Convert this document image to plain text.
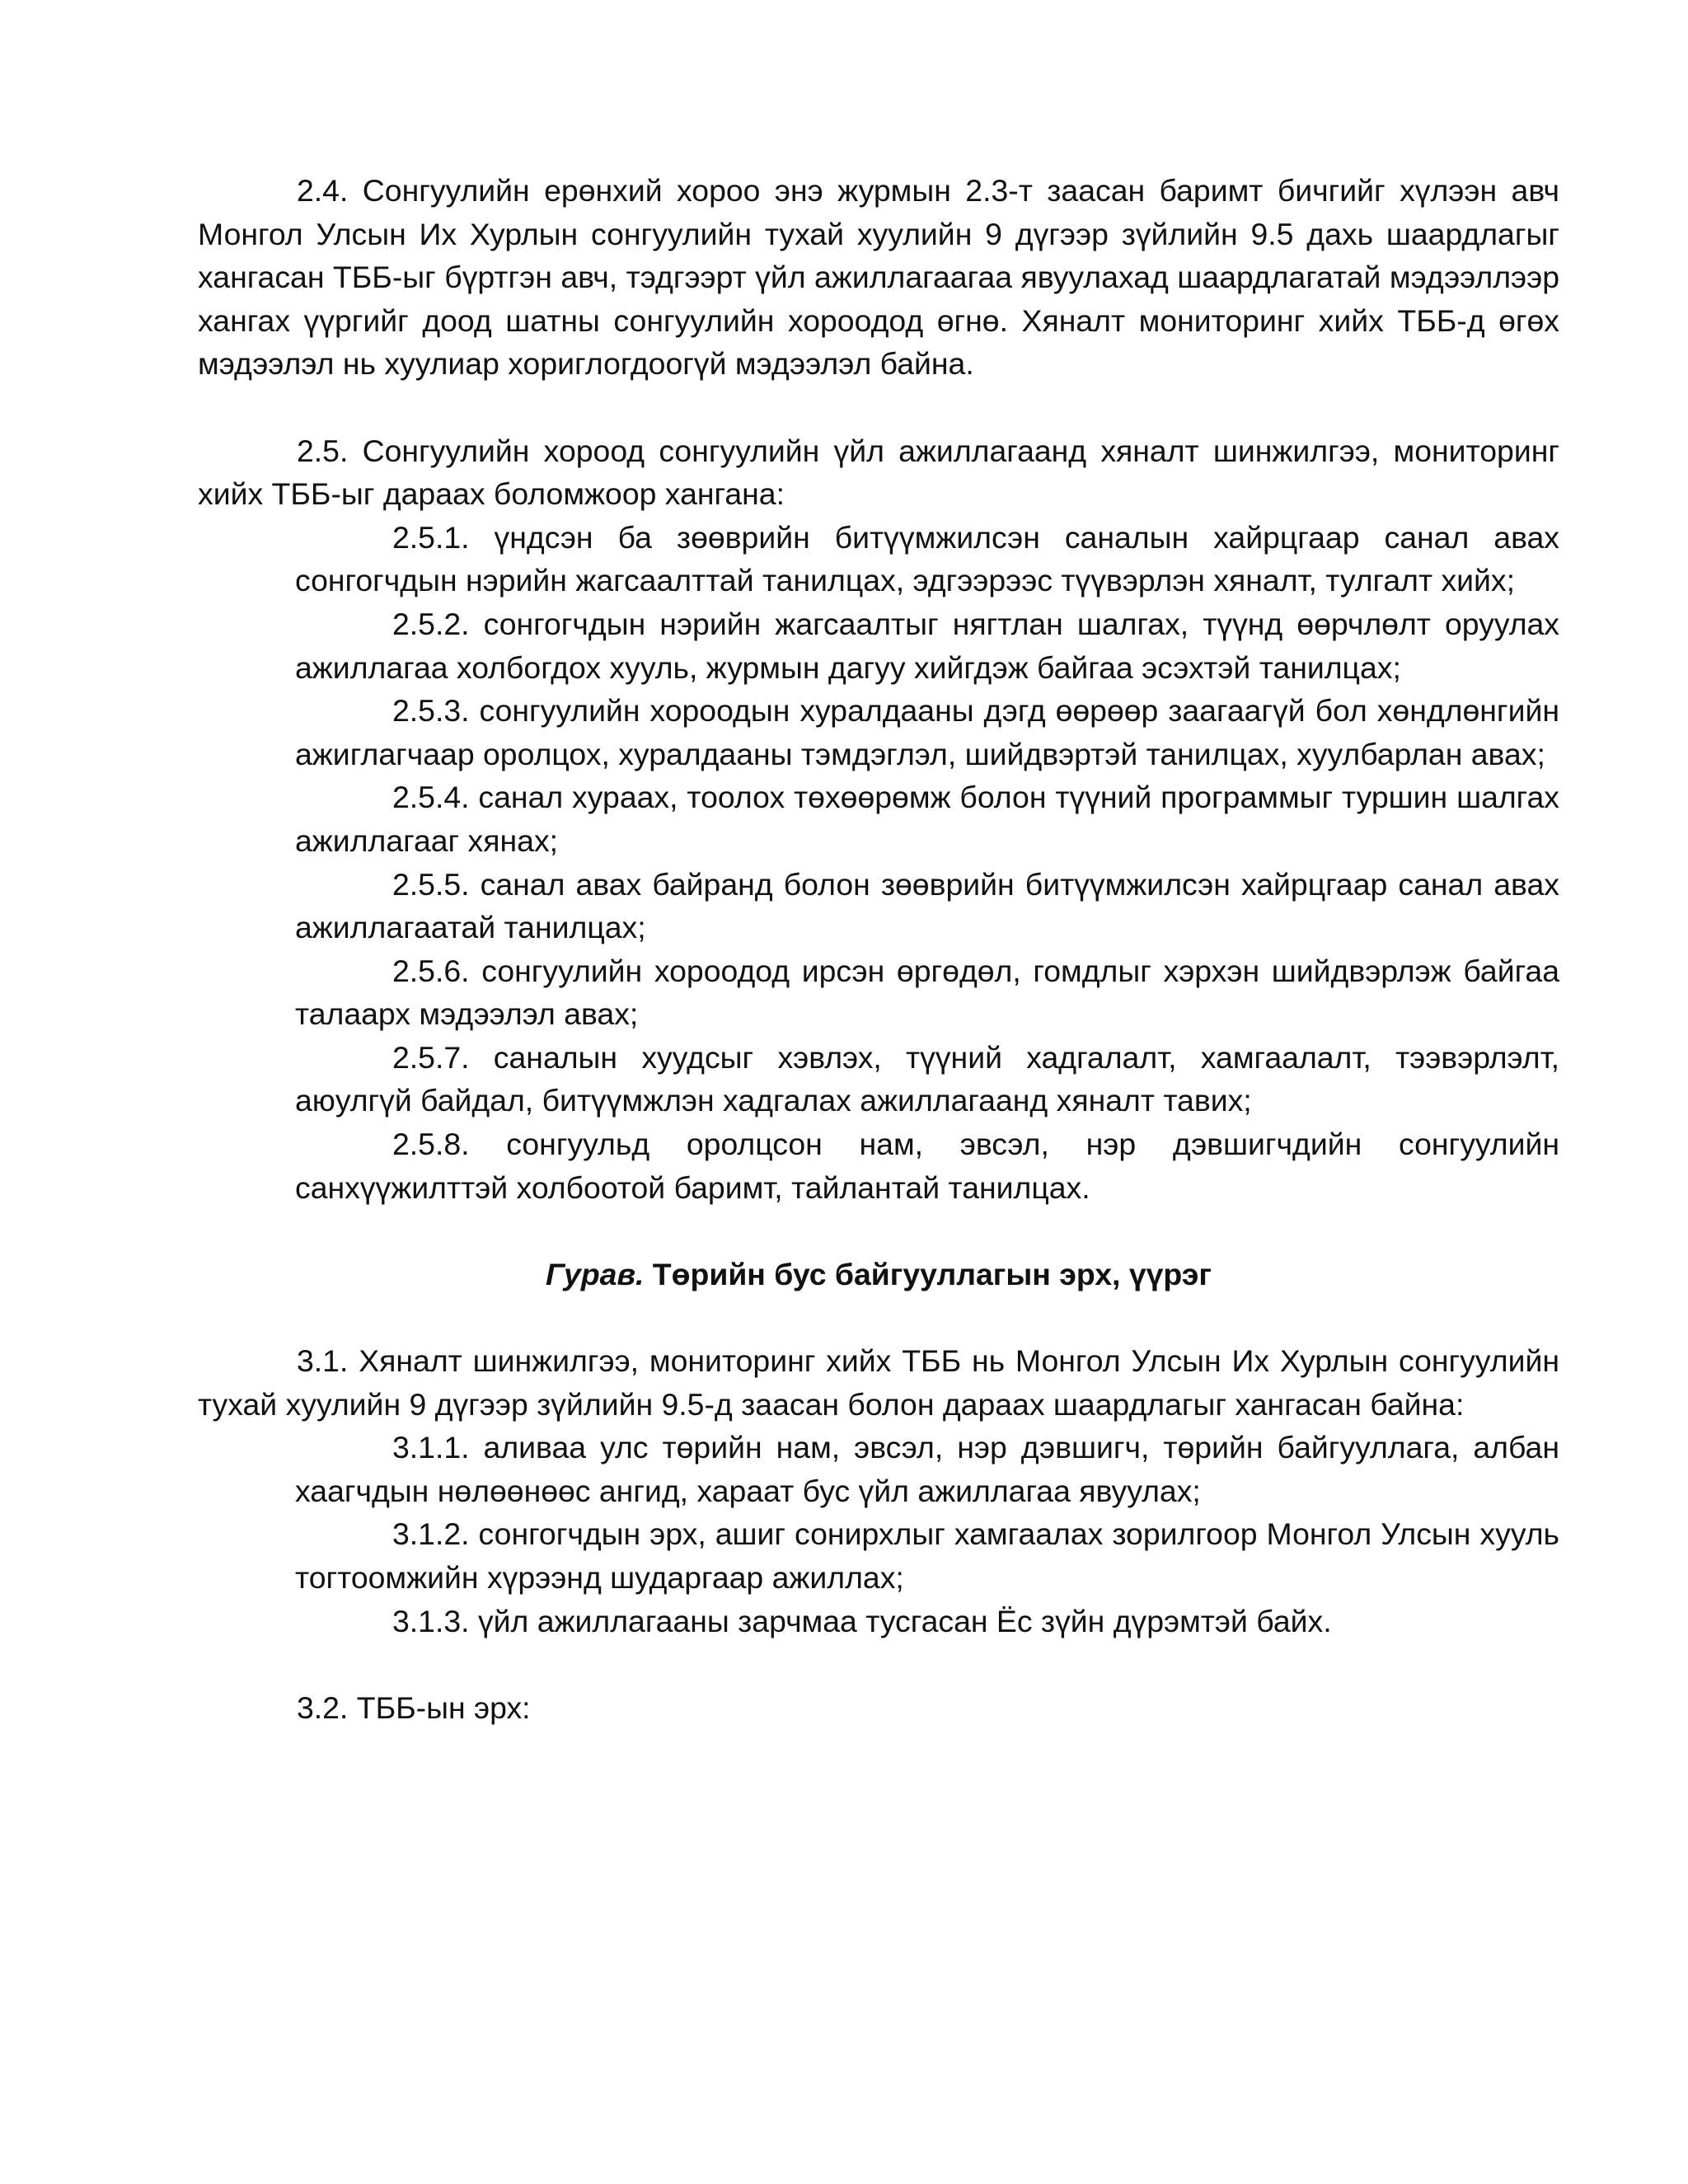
2.4. Сонгуулийн ерөнхий хороо энэ журмын 2.3-т заасан баримт бичгийг хүлээн авч Монгол Улсын Их Хурлын сонгуулийн тухай хуулийн 9 дүгээр зүйлийн 9.5 дахь шаардлагыг хангасан ТББ-ыг бүртгэн авч, тэдгээрт үйл ажиллагаагаа явуулахад шаардлагатай мэдээллээр хангах үүргийг доод шатны сонгуулийн хороодод өгнө. Хяналт мониторинг хийх ТББ-д өгөх мэдээлэл нь хуулиар хориглогдоогүй мэдээлэл байна.

2.5. Сонгуулийн хороод сонгуулийн үйл ажиллагаанд хяналт шинжилгээ, мониторинг хийх ТББ-ыг дараах боломжоор хангана:

2.5.1. үндсэн ба зөөврийн битүүмжилсэн саналын хайрцгаар санал авах сонгогчдын нэрийн жагсаалттай танилцах, эдгээрээс түүвэрлэн хяналт, тулгалт хийх;

2.5.2. сонгогчдын нэрийн жагсаалтыг нягтлан шалгах, түүнд өөрчлөлт оруулах ажиллагаа холбогдох хууль, журмын дагуу хийгдэж байгаа эсэхтэй танилцах;

2.5.3. сонгуулийн хороодын хуралдааны дэгд өөрөөр заагаагүй бол хөндлөнгийн ажиглагчаар оролцох, хуралдааны тэмдэглэл, шийдвэртэй танилцах, хуулбарлан авах;

2.5.4. санал хураах, тоолох төхөөрөмж болон түүний программыг туршин шалгах ажиллагааг хянах;

2.5.5. санал авах байранд болон зөөврийн битүүмжилсэн хайрцгаар санал авах ажиллагаатай танилцах;

2.5.6. сонгуулийн хороодод ирсэн өргөдөл, гомдлыг хэрхэн шийдвэрлэж байгаа талаарх мэдээлэл авах;

2.5.7. саналын хуудсыг хэвлэх, түүний хадгалалт, хамгаалалт, тээвэрлэлт, аюулгүй байдал, битүүмжлэн хадгалах ажиллагаанд хяналт тавих;

2.5.8. сонгуульд оролцсон нам, эвсэл, нэр дэвшигчдийн сонгуулийн санхүүжилттэй холбоотой баримт, тайлантай танилцах.

Гурав. Төрийн бус байгууллагын эрх, үүрэг

3.1. Хяналт шинжилгээ, мониторинг хийх ТББ нь Монгол Улсын Их Хурлын сонгуулийн тухай хуулийн 9 дүгээр зүйлийн 9.5-д заасан болон дараах шаардлагыг хангасан байна:

3.1.1. аливаа улс төрийн нам, эвсэл, нэр дэвшигч, төрийн байгууллага, албан хаагчдын нөлөөнөөс ангид, хараат бус үйл ажиллагаа явуулах;

3.1.2. сонгогчдын эрх, ашиг сонирхлыг хамгаалах зорилгоор Монгол Улсын хууль тогтоомжийн хүрээнд шударгаар ажиллах;

3.1.3. үйл ажиллагааны зарчмаа тусгасан Ёс зүйн дүрэмтэй байх.

3.2. ТББ-ын эрх:
